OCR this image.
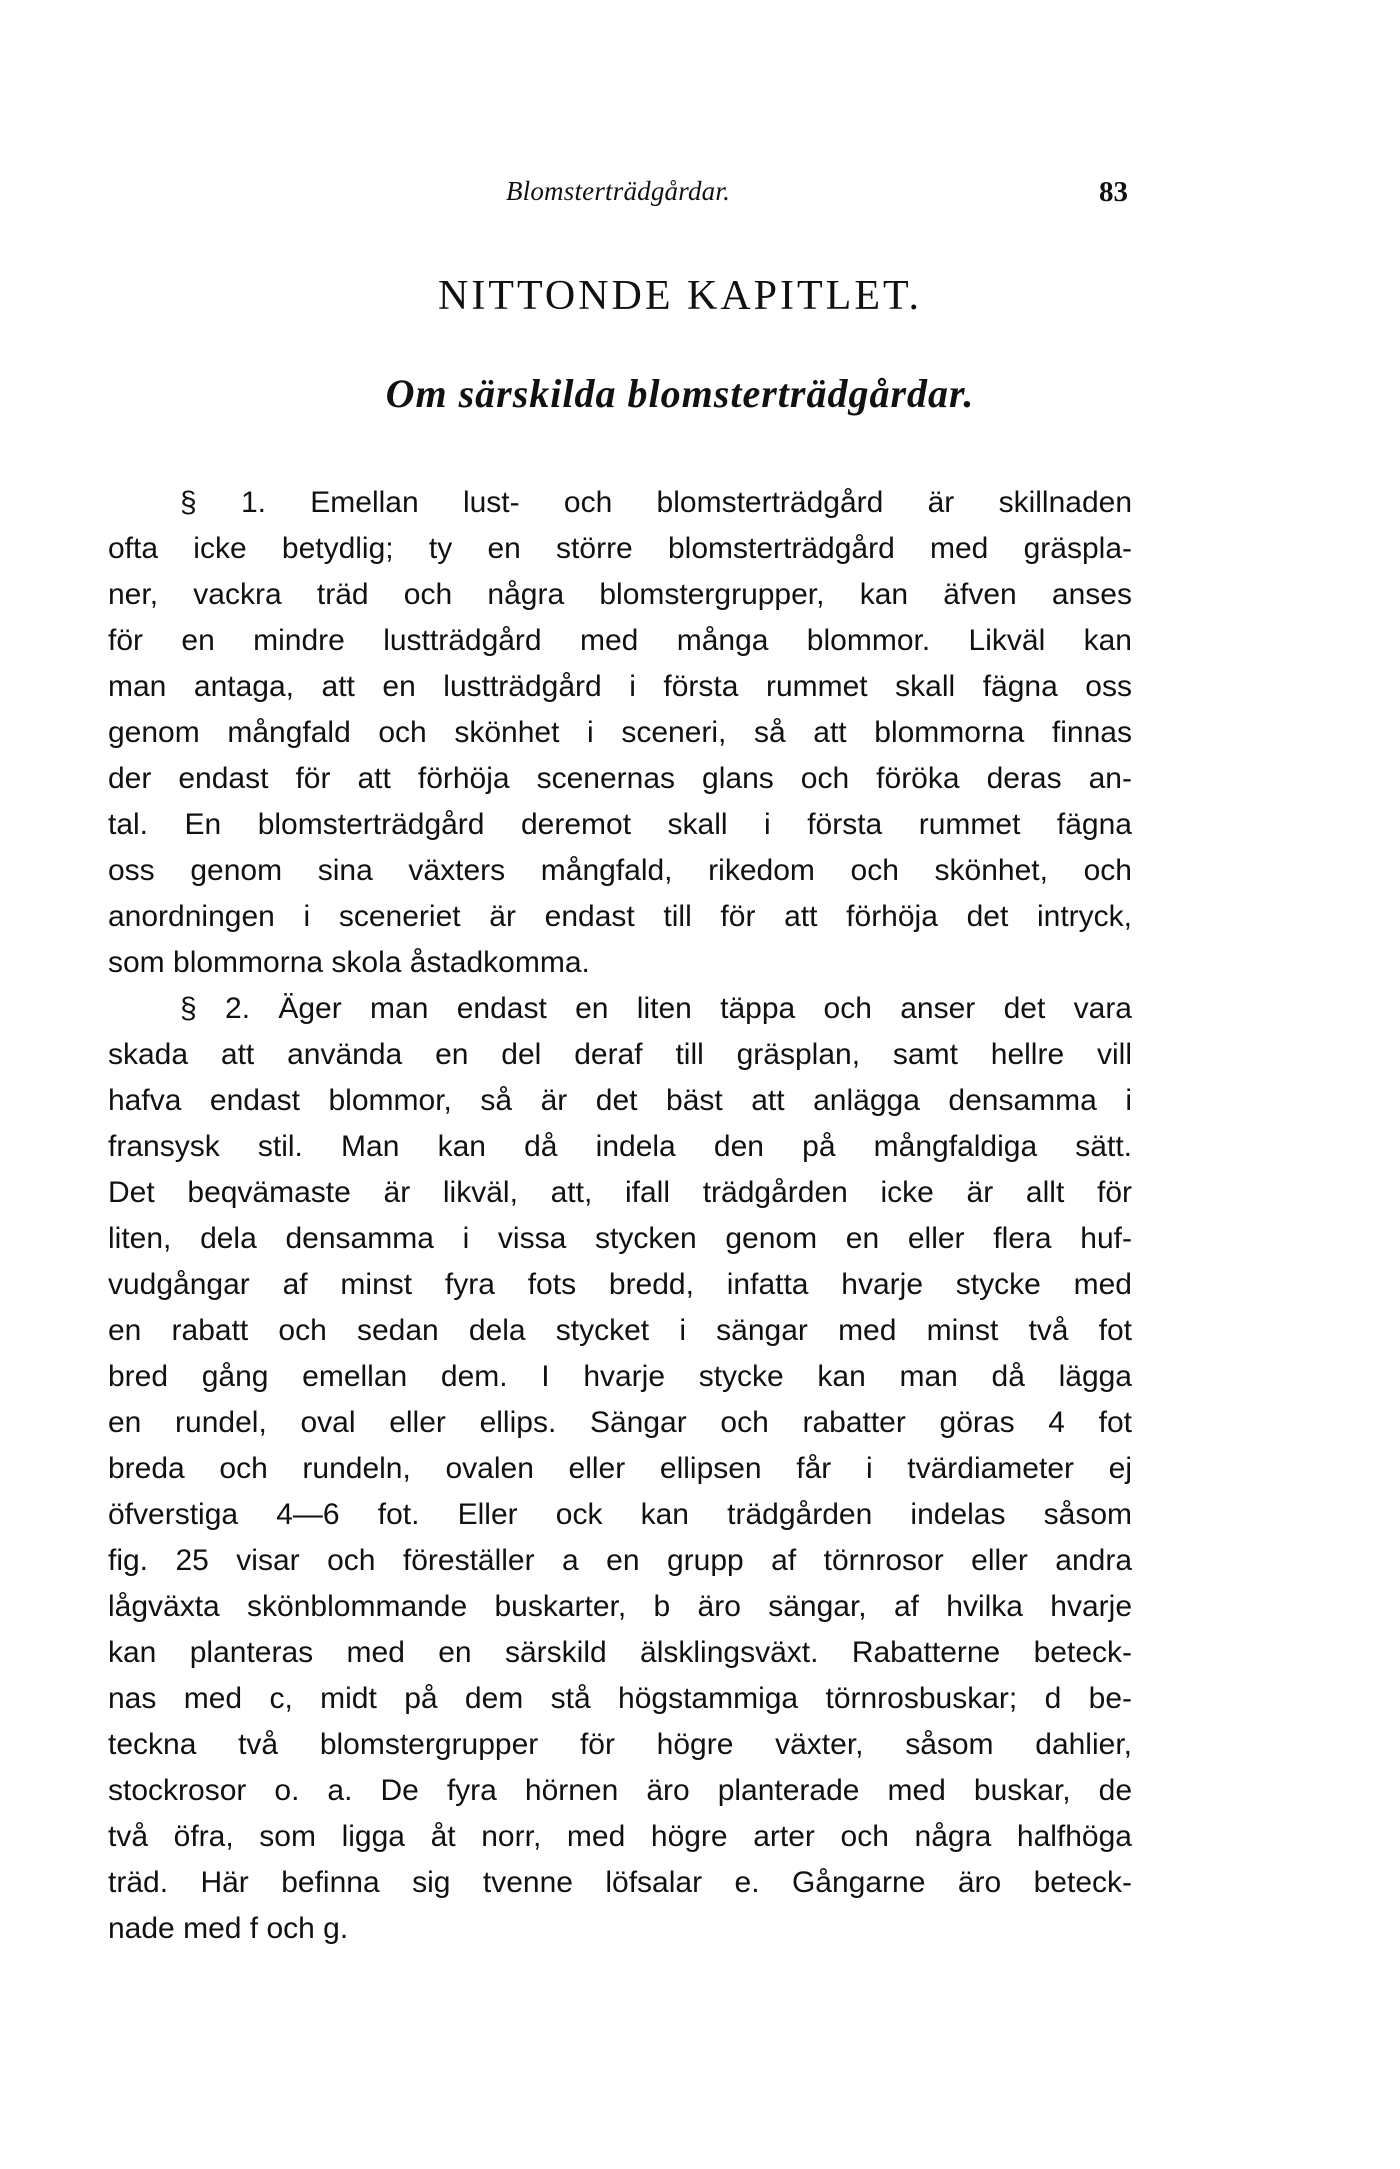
Blomsterträdgårdar.	83
NITTONDE KAPITLET.
Om särskilda blomsterträdgårdar.
§ 1. Emellan lust- och blomsterträdgård är skillnaden
ofta icke betydlig; ty en större blomsterträdgård med gräspla-
ner, vackra träd och några blomstergrupper, kan äfven anses
för en mindre lustträdgård med många blommor. Likväl kan
man antaga, att en lustträdgård i första rummet skall fägna oss
genom mångfald och skönhet i sceneri, så att blommorna finnas
der endast för att förhöja scenernas glans och föröka deras an-
tal. En blomsterträdgård deremot skall i första rummet fägna
oss genom sina växters mångfald, rikedom och skönhet, och
anordningen i sceneriet är endast till för att förhöja det intryck,
som blommorna skola åstadkomma.
§ 2. Äger man endast en liten täppa och anser det vara
skada att använda en del deraf till gräsplan, samt hellre vill
hafva endast blommor, så är det bäst att anlägga densamma i
fransysk stil. Man kan då indela den på mångfaldiga sätt.
Det beqvämaste är likväl, att, ifall trädgården icke är allt för
liten, dela densamma i vissa stycken genom en eller flera huf-
vudgångar af minst fyra fots bredd, infatta hvarje stycke med
en rabatt och sedan dela stycket i sängar med minst två fot
bred gång emellan dem. I hvarje stycke kan man då lägga
en rundel, oval eller ellips. Sängar och rabatter göras 4 fot
breda och rundeln, ovalen eller ellipsen får i tvärdiameter ej
öfverstiga 4—6 fot. Eller ock kan trädgården indelas såsom
fig. 25 visar och föreställer a en grupp af törnrosor eller andra
lågväxta skönblommande buskarter, b äro sängar, af hvilka hvarje
kan planteras med en särskild älsklingsväxt. Rabatterne beteck-
nas med c, midt på dem stå högstammiga törnrosbuskar; d be-
teckna två blomstergrupper för högre växter, såsom dahlier,
stockrosor o. a. De fyra hörnen äro planterade med buskar, de
två öfra, som ligga åt norr, med högre arter och några halfhöga
träd. Här befinna sig tvenne löfsalar e. Gångarne äro beteck-
nade med f och g.
